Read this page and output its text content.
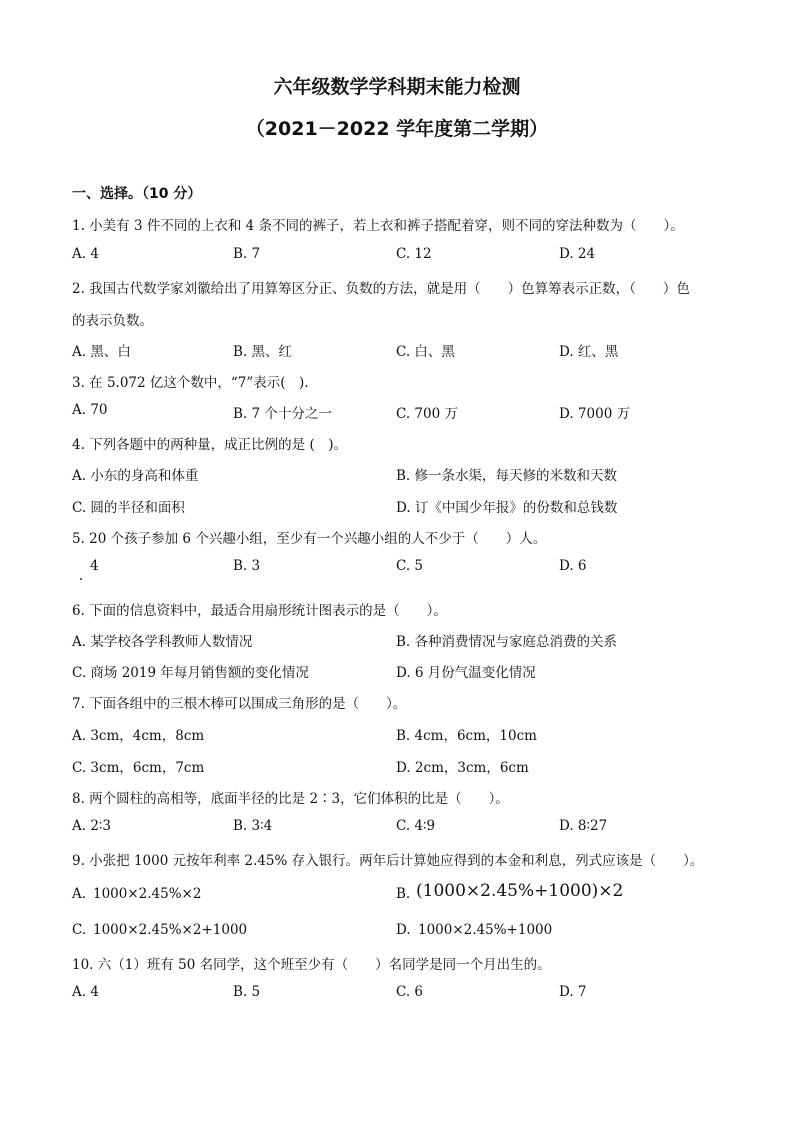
六年级数学学科期末能力检测
（2021－2022 学年度第二学期）
一、选择。（10 分）
1. 小美有 3 件不同的上衣和 4 条不同的裤子，若上衣和裤子搭配着穿，则不同的穿法种数为（　　）。
A. 4	B. 7	C. 12	D. 24
2. 我国古代数学家刘徽给出了用算筹区分正、负数的方法，就是用（　　）色算筹表示正数，（　　）色
的表示负数。
A. 黑、白	B. 黑、红	C. 白、黑	D. 红、黑
3. 在 5.072 亿这个数中，“7”表示(　).
A. 70	B. 7 个十分之一	C. 700 万	D. 7000 万
4. 下列各题中的两种量，成正比例的是 (　)。
A. 小东的身高和体重	B. 修一条水渠，每天修的米数和天数
C. 圆的半径和面积	D. 订《中国少年报》的份数和总钱数
5. 20 个孩子参加 6 个兴趣小组，至少有一个兴趣小组的人不少于（　　）人。
4	B. 3	C. 5	D. 6
6. 下面的信息资料中，最适合用扇形统计图表示的是（　　）。
A. 某学校各学科教师人数情况	B. 各种消费情况与家庭总消费的关系
C. 商场 2019 年每月销售额的变化情况	D. 6 月份气温变化情况
7. 下面各组中的三根木棒可以围成三角形的是（　　）。
A. 3cm，4cm，8cm	B. 4cm，6cm，10cm
C. 3cm，6cm，7cm	D. 2cm，3cm，6cm
8. 两个圆柱的高相等，底面半径的比是 2∶3，它们体积的比是（　　）。
A. 2∶3	B. 3∶4	C. 4∶9	D. 8∶27
9. 小张把 1000 元按年利率 2.45% 存入银行。两年后计算她应得到的本金和利息，列式应该是（　　）。
A. 1000×2.45%×2	B. (1000×2.45%+1000)×2
C. 1000×2.45%×2+1000	D. 1000×2.45%+1000
10. 六（1）班有 50 名同学，这个班至少有（　　）名同学是同一个月出生的。
A. 4	B. 5	C. 6	D. 7
